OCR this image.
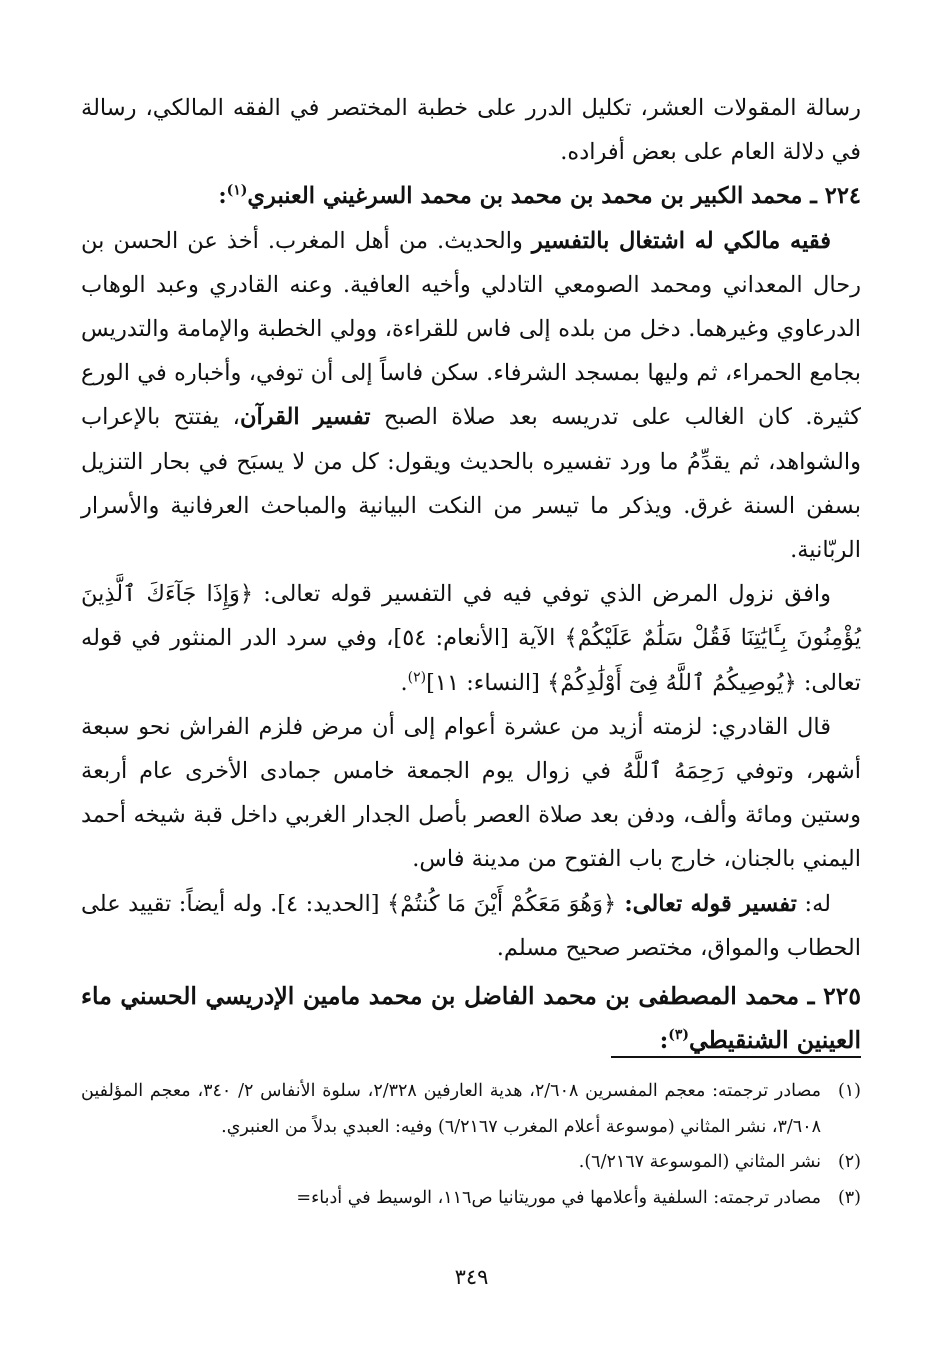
رسالة المقولات العشر، تكليل الدرر على خطبة المختصر في الفقه المالكي، رسالة في دلالة العام على بعض أفراده.

٢٢٤ ـ محمد الكبير بن محمد بن محمد بن محمد السرغيني العنبري$^{(١)}$:

فقيه مالكي له اشتغال بالتفسير والحديث. من أهل المغرب. أخذ عن الحسن بن رحال المعداني ومحمد الصومعي التادلي وأخيه العافية. وعنه القادري وعبد الوهاب الدرعاوي وغيرهما. دخل من بلده إلى فاس للقراءة، وولي الخطبة والإمامة والتدريس بجامع الحمراء، ثم وليها بمسجد الشرفاء. سكن فاساً إلى أن توفي، وأخباره في الورع كثيرة. كان الغالب على تدريسه بعد صلاة الصبح تفسير القرآن، يفتتح بالإعراب والشواهد، ثم يقدِّمُ ما ورد تفسيره بالحديث ويقول: كل من لا يسبَح في بحار التنزيل بسفن السنة غرق. ويذكر ما تيسر من النكت البيانية والمباحث العرفانية والأسرار الربّانية.

وافق نزول المرض الذي توفي فيه في التفسير قوله تعالى: ﴿وَإِذَا جَآءَكَ ٱلَّذِينَ يُؤْمِنُونَ بِـَٔايَٰتِنَا فَقُلْ سَلَٰمٌ عَلَيْكُمْ﴾ الآية [الأنعام: ٥٤]، وفي سرد الدر المنثور في قوله تعالى: ﴿يُوصِيكُمُ ٱللَّهُ فِىٓ أَوْلَٰدِكُمْ﴾ [النساء: ١١]$^{(٢)}$.

قال القادري: لزمته أزيد من عشرة أعوام إلى أن مرض فلزم الفراش نحو سبعة أشهر، وتوفي رَحِمَهُ ٱللَّهُ في زوال يوم الجمعة خامس جمادى الأخرى عام أربعة وستين ومائة وألف، ودفن بعد صلاة العصر بأصل الجدار الغربي داخل قبة شيخه أحمد اليمني بالجنان، خارج باب الفتوح من مدينة فاس.

له: تفسير قوله تعالى: ﴿وَهُوَ مَعَكُمْ أَيْنَ مَا كُنتُمْ﴾ [الحديد: ٤]. وله أيضاً: تقييد على الحطاب والمواق، مختصر صحيح مسلم.

٢٢٥ ـ محمد المصطفى بن محمد الفاضل بن محمد مامين الإدريسي الحسني ماء العينين الشنقيطي$^{(٣)}$:

(١)

مصادر ترجمته: معجم المفسرين ٢/٦٠٨، هدية العارفين ٢/٣٢٨، سلوة الأنفاس ٢/ ٣٤٠، معجم المؤلفين ٣/٦٠٨، نشر المثاني (موسوعة أعلام المغرب ٦/٢١٦٧) وفيه: العبدي بدلاً من العنبري.

(٢)

نشر المثاني (الموسوعة ٦/٢١٦٧).

(٣)

مصادر ترجمته: السلفية وأعلامها في موريتانيا ص١١٦، الوسيط في أدباء=

٣٤٩
